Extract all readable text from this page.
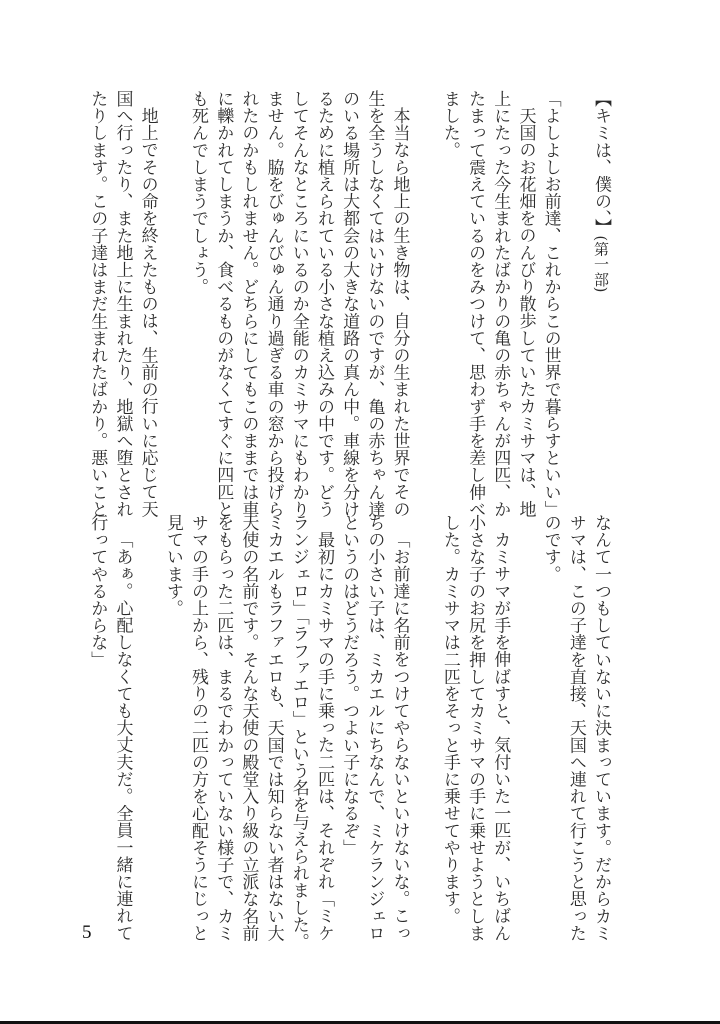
【キミは、僕の、】(第一部)
「よしよしお前達、これからこの世界で暮らすといい」
天国のお花畑をのんびり散歩していたカミサマは、地
上にたった今生まれたばかりの亀の赤ちゃんが四匹、か
たまって震えているのをみつけて、思わず手を差し伸べ
ました。
本当なら地上の生き物は、自分の生まれた世界でその
生を全うしなくてはいけないのですが、亀の赤ちゃん達
のいる場所は大都会の大きな道路の真ん中。車線を分け
るために植えられている小さな植え込みの中です。どう
してそんなところにいるのか全能のカミサマにもわかり
ません。脇をびゅんびゅん通り過ぎる車の窓から投げら
れたのかもしれません。どちらにしてもこのままでは車
に轢かれてしまうか、食べるものがなくてすぐに四匹と
も死んでしまうでしょう。
地上でその命を終えたものは、生前の行いに応じて天
国へ行ったり、また地上に生まれたり、地獄へ堕とされ
たりします。この子達はまだ生まれたばかり。悪いこと
なんて一つもしていないに決まっています。だからカミ
サマは、この子達を直接、天国へ連れて行こうと思った
のです。
カミサマが手を伸ばすと、気付いた一匹が、いちばん
小さな子のお尻を押してカミサマの手に乗せようとしま
した。カミサマは二匹をそっと手に乗せてやります。
「お前達に名前をつけてやらないといけないな。こっ
ちの小さい子は、ミカエルにちなんで、ミケランジェロ
というのはどうだろう。つよい子になるぞ」
最初にカミサマの手に乗った二匹は、それぞれ「ミケ
ランジェロ」「ラファエロ」という名を与えられました。
ミカエルもラファエロも、天国では知らない者はない大
天使の名前です。そんな天使の殿堂入り級の立派な名前
をもらった二匹は、まるでわかっていない様子で、カミ
サマの手の上から、残りの二匹の方を心配そうにじっと
見ています。
「あぁ。心配しなくても大丈夫だ。全員一緒に連れて
行ってやるからな」
5
